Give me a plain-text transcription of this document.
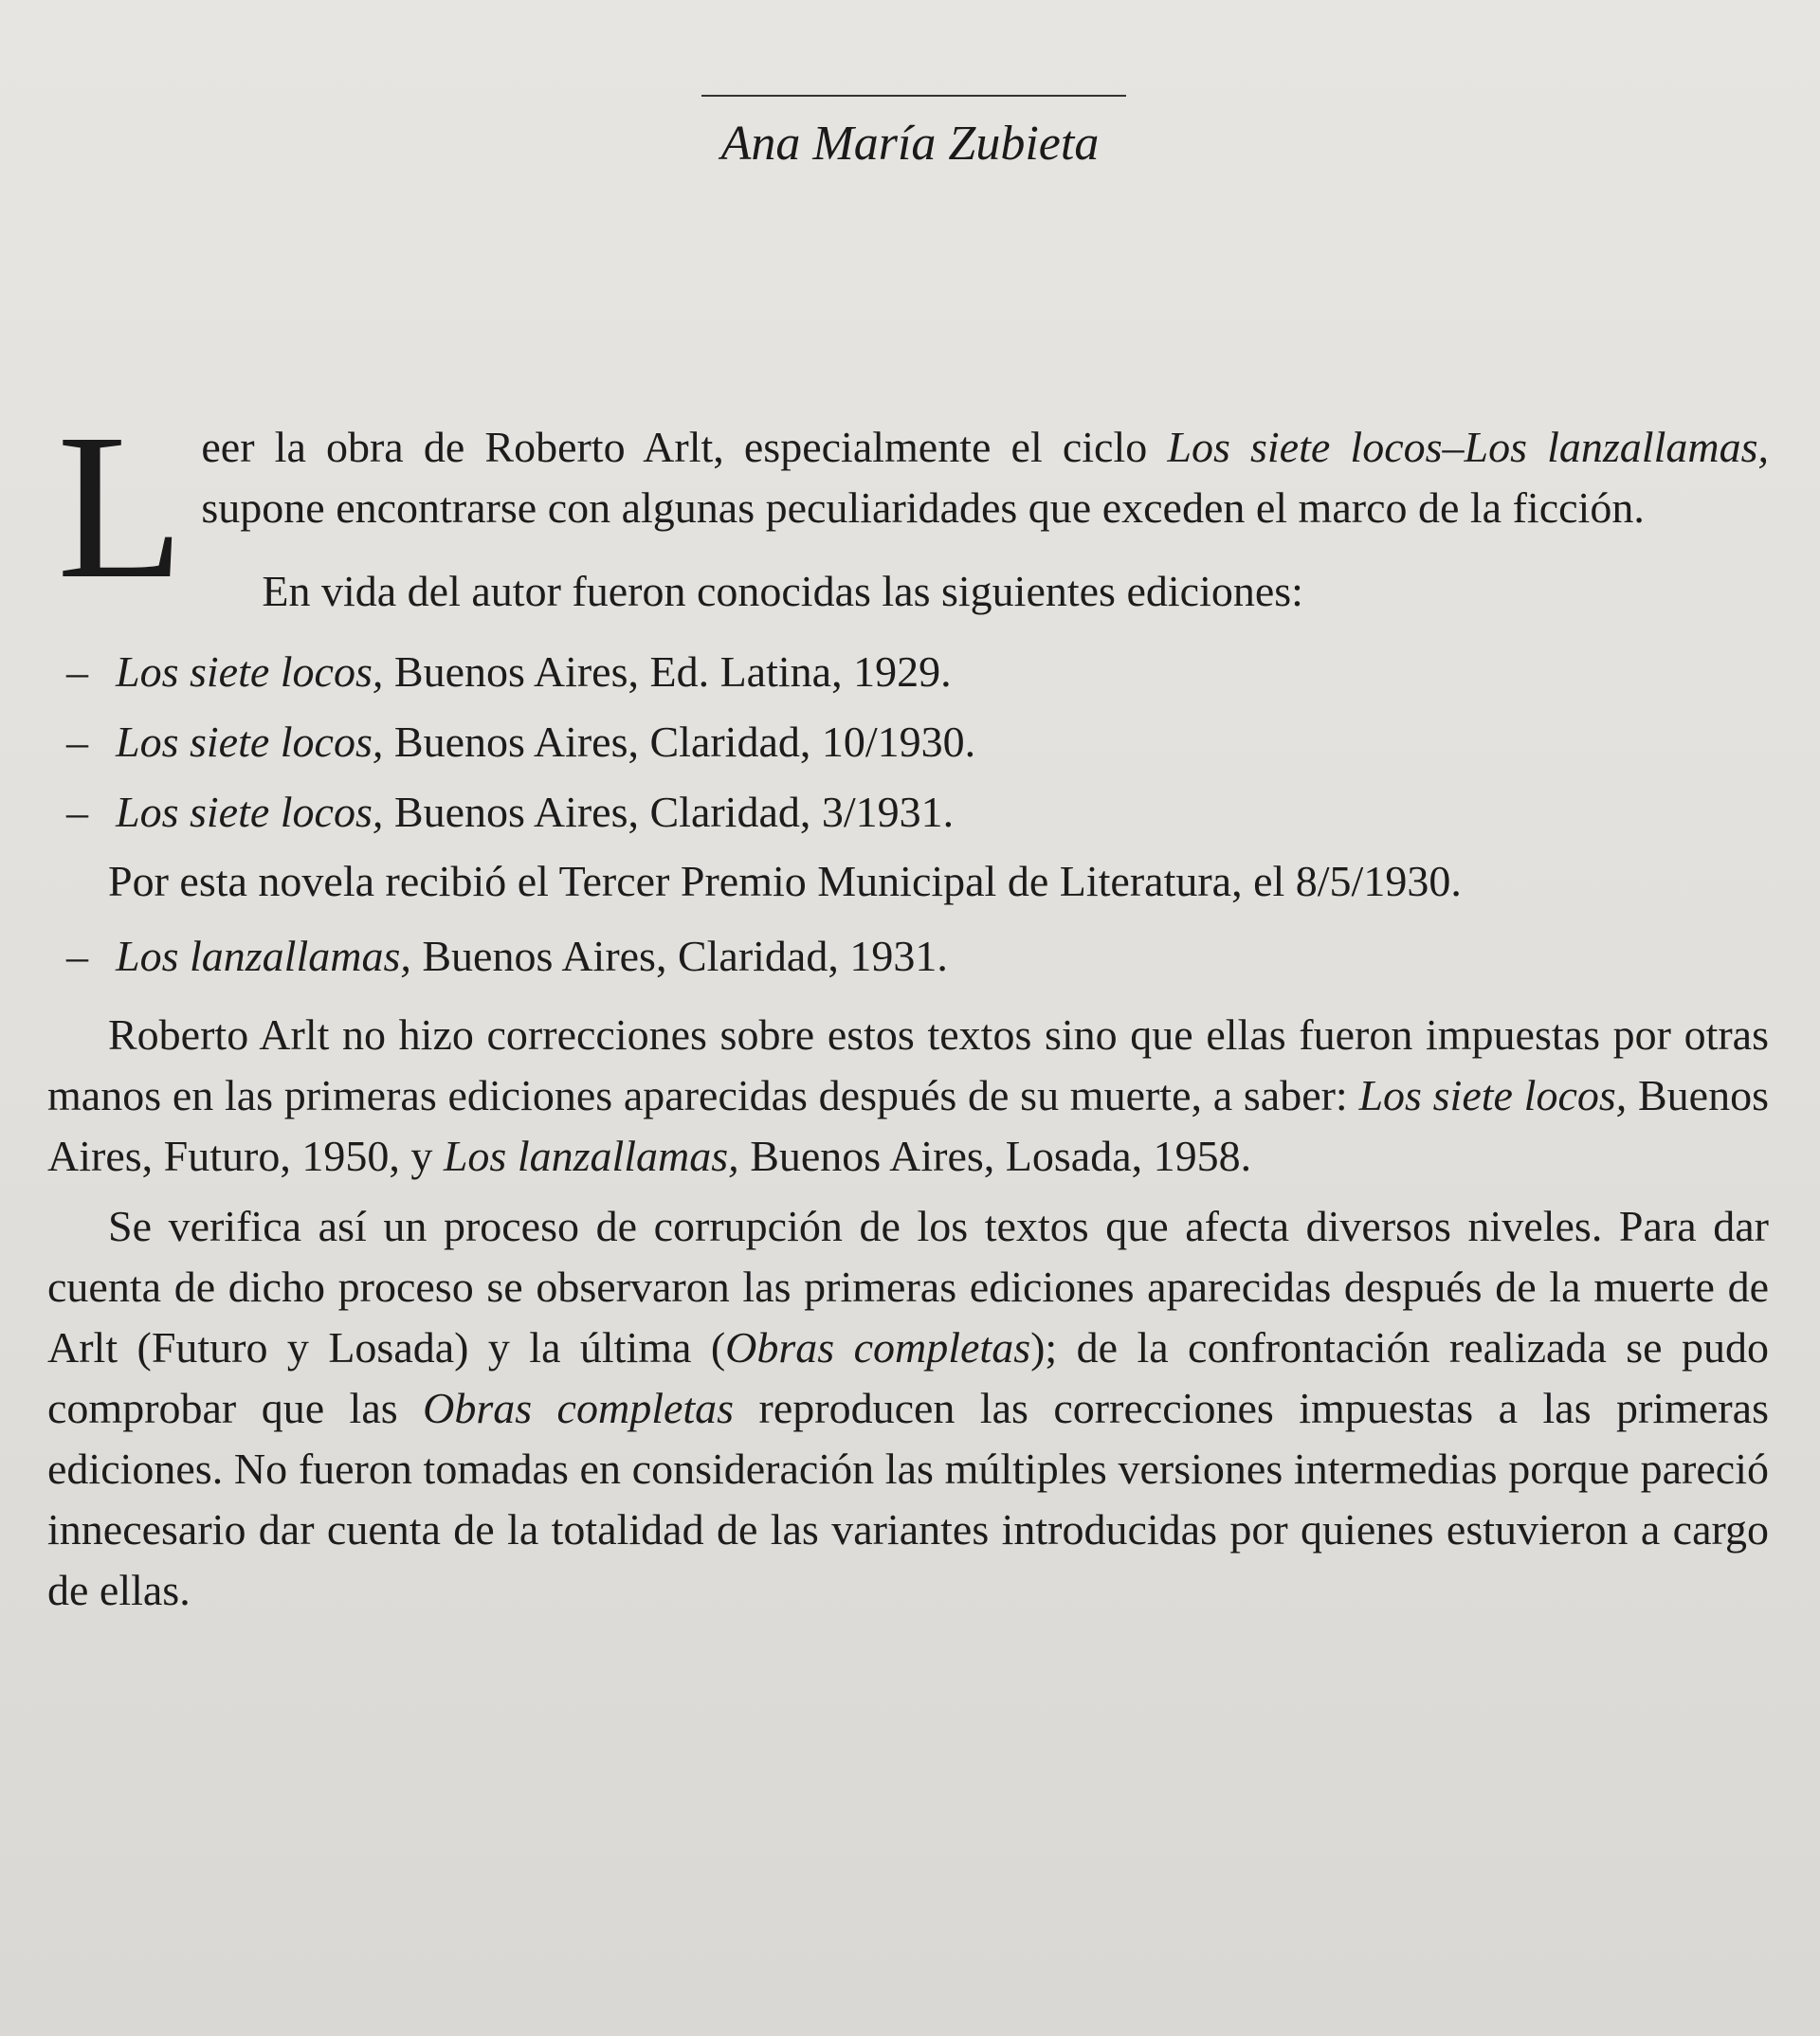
Ana María Zubieta

Leer la obra de Roberto Arlt, especialmente el ciclo Los siete locos–Los lanzallamas, supone encontrarse con algunas peculiaridades que exceden el marco de la ficción.

En vida del autor fueron conocidas las siguientes ediciones:

– Los siete locos, Buenos Aires, Ed. Latina, 1929.
– Los siete locos, Buenos Aires, Claridad, 10/1930.
– Los siete locos, Buenos Aires, Claridad, 3/1931.

Por esta novela recibió el Tercer Premio Municipal de Literatura, el 8/5/1930.

– Los lanzallamas, Buenos Aires, Claridad, 1931.

Roberto Arlt no hizo correcciones sobre estos textos sino que ellas fueron impuestas por otras manos en las primeras ediciones aparecidas después de su muerte, a saber: Los siete locos, Buenos Aires, Futuro, 1950, y Los lanzallamas, Buenos Aires, Losada, 1958.

Se verifica así un proceso de corrupción de los textos que afecta diversos niveles. Para dar cuenta de dicho proceso se observaron las primeras ediciones aparecidas después de la muerte de Arlt (Futuro y Losada) y la última (Obras completas); de la confrontación realizada se pudo comprobar que las Obras completas reproducen las correcciones impuestas a las primeras ediciones. No fueron tomadas en consideración las múltiples versiones intermedias porque pareció innecesario dar cuenta de la totalidad de las variantes introducidas por quienes estuvieron a cargo de ellas.
